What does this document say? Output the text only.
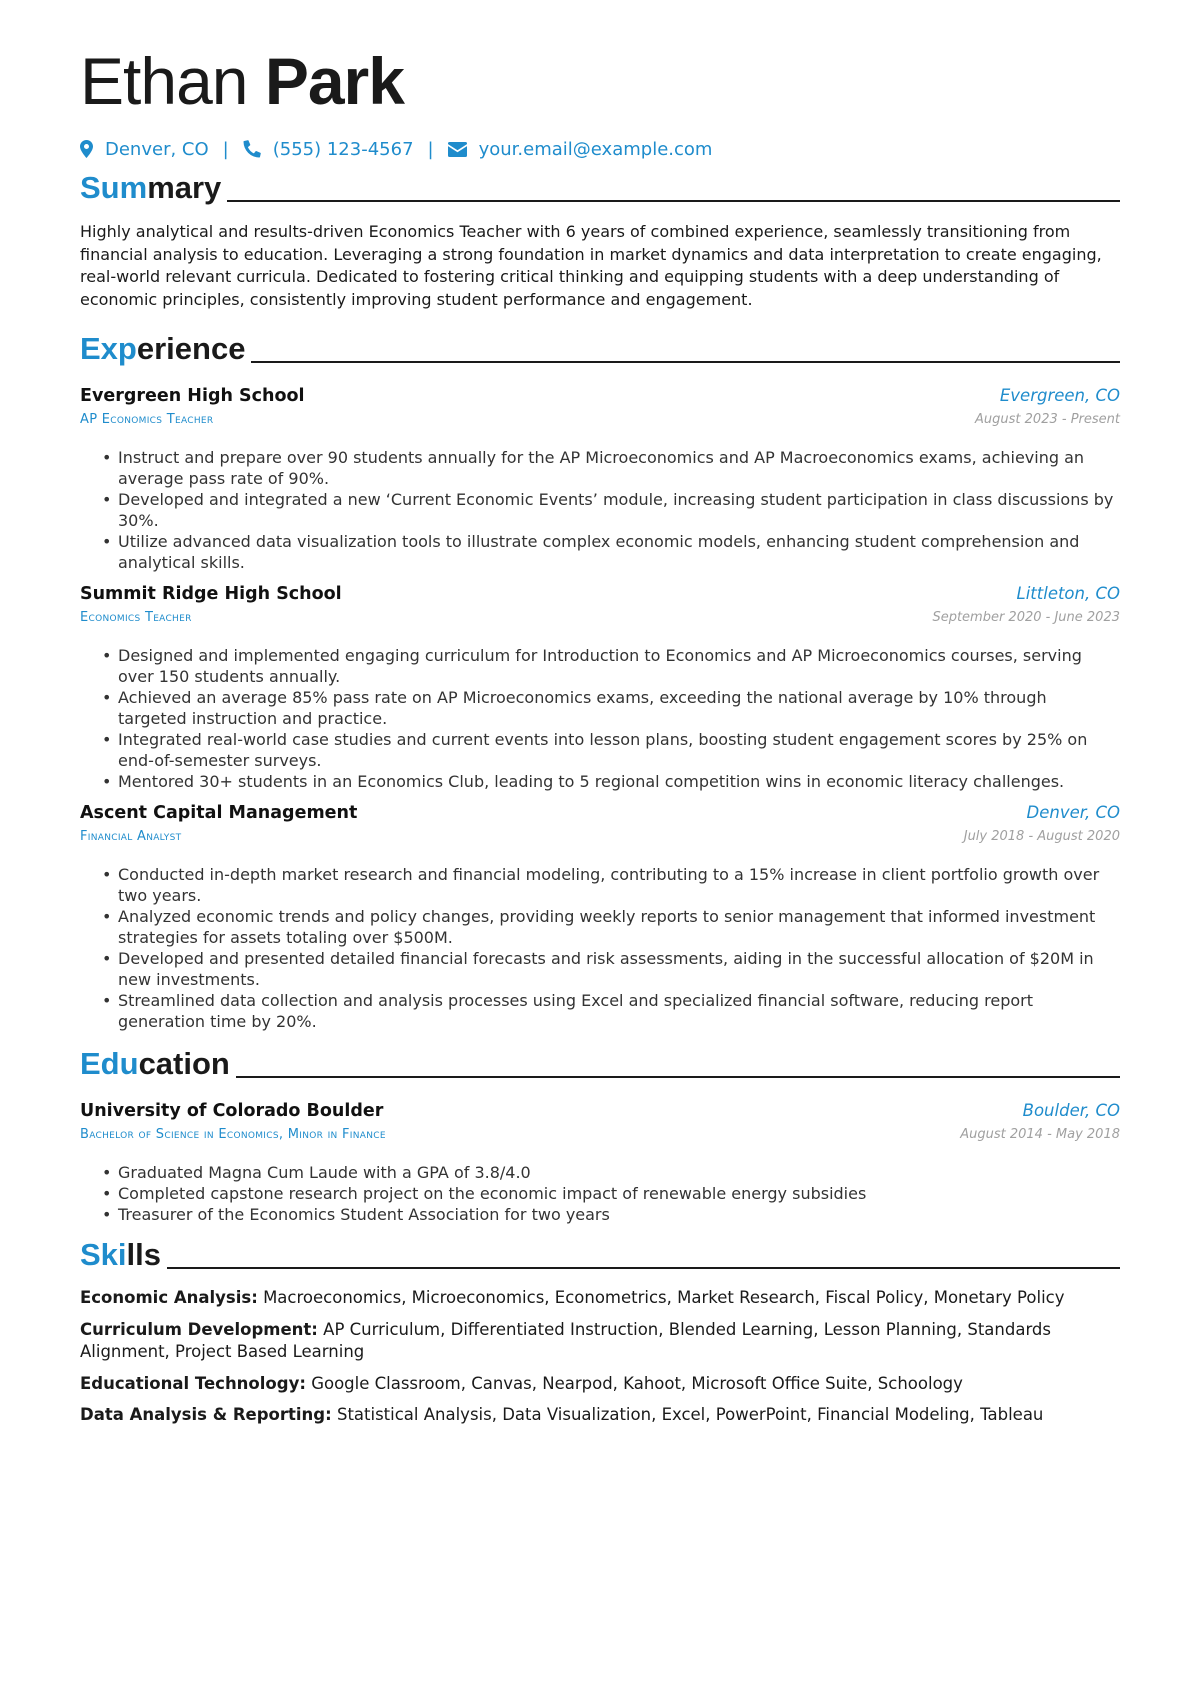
Ethan Park
Denver, CO | (555) 123-4567 |	your.email@example.com
Summary
Highly analytical and results-driven Economics Teacher with 6 years of combined experience, seamlessly transitioning from financial analysis to education. Leveraging a strong foundation in market dynamics and data interpretation to create engaging, real-world relevant curricula. Dedicated to fostering critical thinking and equipping students with a deep understanding of economic principles, consistently improving student performance and engagement.
Experience
Evergreen High School	Evergreen, CO
AP Economics Teacher	August 2023 - Present
• Instruct and prepare over 90 students annually for the AP Microeconomics and AP Macroeconomics exams, achieving an average pass rate of 90%.
• Developed and integrated a new ‘Current Economic Events’ module, increasing student participation in class discussions by 30%.
• Utilize advanced data visualization tools to illustrate complex economic models, enhancing student comprehension and analytical skills.
Summit Ridge High School	Littleton, CO
Economics Teacher	September 2020 - June 2023
• Designed and implemented engaging curriculum for Introduction to Economics and AP Microeconomics courses, serving over 150 students annually.
• Achieved an average 85% pass rate on AP Microeconomics exams, exceeding the national average by 10% through targeted instruction and practice.
• Integrated real-world case studies and current events into lesson plans, boosting student engagement scores by 25% on end-of-semester surveys.
• Mentored 30+ students in an Economics Club, leading to 5 regional competition wins in economic literacy challenges.
Ascent Capital Management	Denver, CO
Financial Analyst	July 2018 - August 2020
• Conducted in-depth market research and financial modeling, contributing to a 15% increase in client portfolio growth over two years.
• Analyzed economic trends and policy changes, providing weekly reports to senior management that informed investment strategies for assets totaling over $500M.
• Developed and presented detailed financial forecasts and risk assessments, aiding in the successful allocation of $20M in new investments.
• Streamlined data collection and analysis processes using Excel and specialized financial software, reducing report generation time by 20%.
Education
University of Colorado Boulder	Boulder, CO
Bachelor of Science in Economics, Minor in Finance	August 2014 - May 2018
• Graduated Magna Cum Laude with a GPA of 3.8/4.0
• Completed capstone research project on the economic impact of renewable energy subsidies
• Treasurer of the Economics Student Association for two years
Skills
Economic Analysis: Macroeconomics, Microeconomics, Econometrics, Market Research, Fiscal Policy, Monetary Policy
Curriculum Development: AP Curriculum, Differentiated Instruction, Blended Learning, Lesson Planning, Standards Alignment, Project Based Learning
Educational Technology: Google Classroom, Canvas, Nearpod, Kahoot, Microsoft Office Suite, Schoology
Data Analysis & Reporting: Statistical Analysis, Data Visualization, Excel, PowerPoint, Financial Modeling, Tableau
